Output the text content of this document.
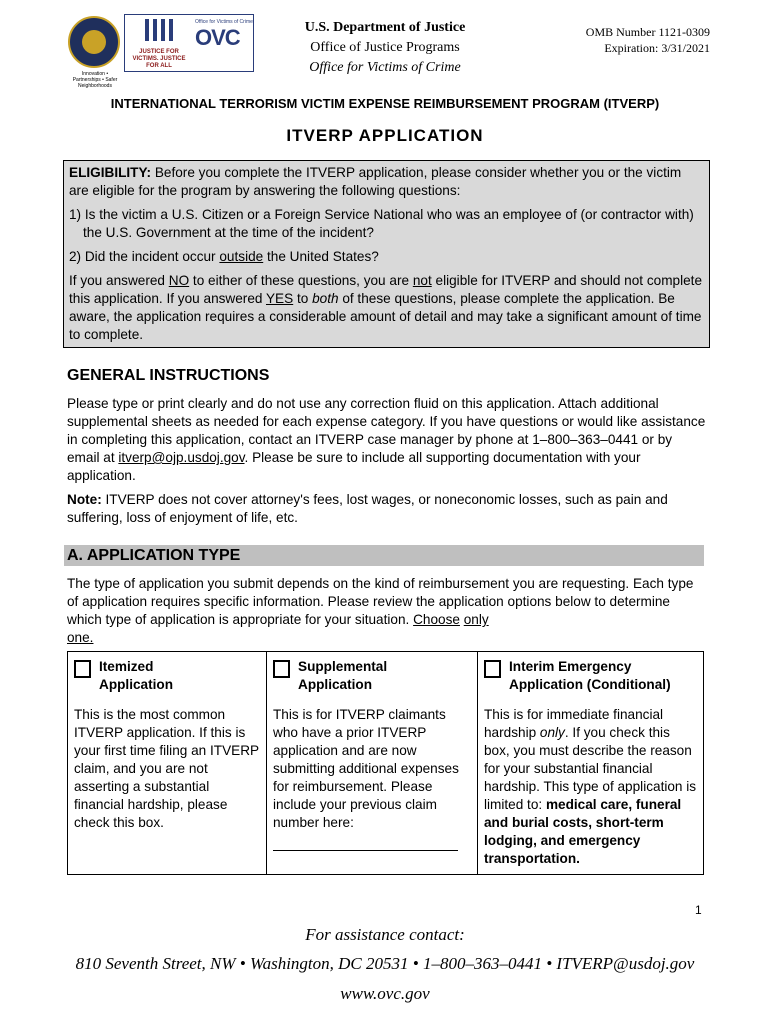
Innovation • Partnerships • Safer Neighborhoods
JUSTICE FOR VICTIMS. JUSTICE FOR ALL
Office for Victims of Crime
OVC	U.S. Department of Justice
Office of Justice Programs
Office for Victims of Crime
OMB Number 1121-0309
Expiration: 3/31/2021
INTERNATIONAL TERRORISM VICTIM EXPENSE REIMBURSEMENT PROGRAM (ITVERP)
ITVERP APPLICATION

ELIGIBILITY: Before you complete the ITVERP application, please consider whether you or the victim are eligible for the program by answering the following questions:

1) Is the victim a U.S. Citizen or a Foreign Service National who was an employee of (or contractor with) the U.S. Government at the time of the incident?

2) Did the incident occur outside the United States?

If you answered NO to either of these questions, you are not eligible for ITVERP and should not complete this application. If you answered YES to both of these questions, please complete the application. Be aware, the application requires a considerable amount of detail and may take a significant amount of time to complete.

GENERAL INSTRUCTIONS

Please type or print clearly and do not use any correction fluid on this application. Attach additional supplemental sheets as needed for each expense category. If you have questions or would like assistance in completing this application, contact an ITVERP case manager by phone at 1–800–363–0441 or by email at itverp@ojp.usdoj.gov. Please be sure to include all supporting documentation with your application.

Note: ITVERP does not cover attorney's fees, lost wages, or noneconomic losses, such as pain and suffering, loss of enjoyment of life, etc.

A. APPLICATION TYPE
The type of application you submit depends on the kind of reimbursement you are requesting. Each type of application requires specific information. Please review the application options below to determine which type of application is appropriate for your situation. Choose only
one.
Itemized
Application
This is the most common ITVERP application. If this is your first time filing an ITVERP claim, and you are not asserting a substantial financial hardship, please check this box.

Supplemental
Application
This is for ITVERP claimants who have a prior ITVERP application and are now submitting additional expenses for reimbursement. Please include your previous claim number here:

Interim Emergency
Application (Conditional)
This is for immediate financial hardship only. If you check this box, you must describe the reason for your substantial financial hardship. This type of application is limited to: medical care, funeral and burial costs, short-term lodging, and emergency transportation.
1
For assistance contact:
810 Seventh Street, NW • Washington, DC 20531 • 1–800–363–0441 • ITVERP@usdoj.gov
www.ovc.gov
